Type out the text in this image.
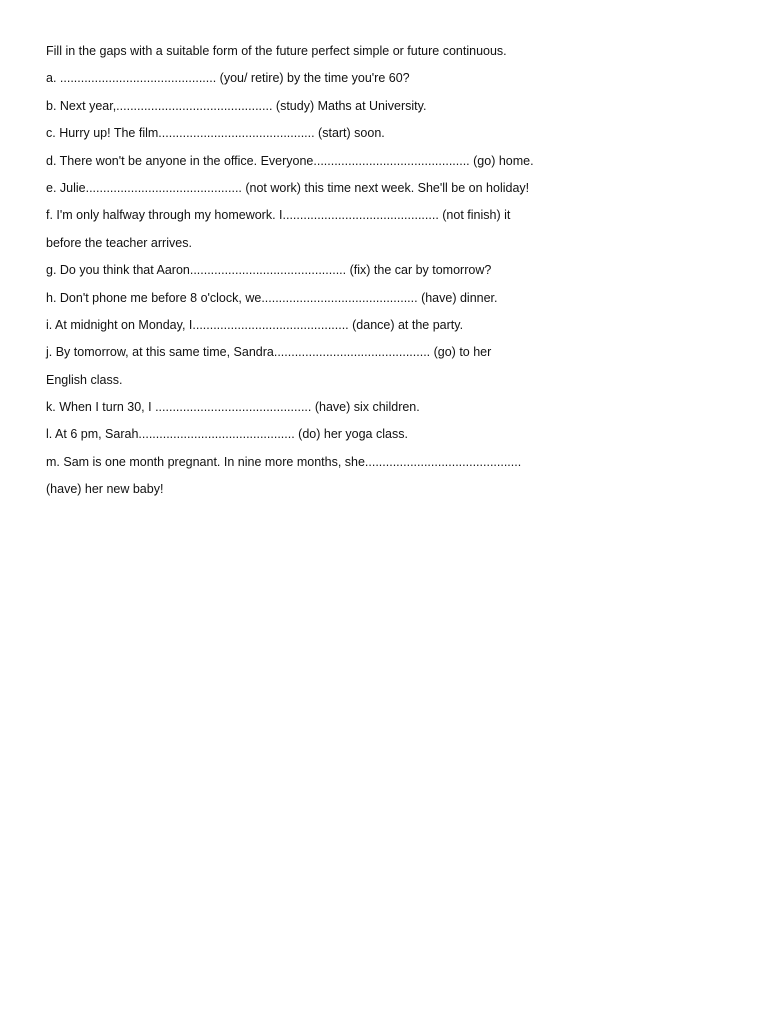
Fill in the gaps with a suitable form of the future perfect simple or future continuous.
a. ............................................. (you/ retire) by the time you're 60?
b. Next year,............................................. (study) Maths at University.
c. Hurry up! The film............................................. (start) soon.
d. There won't be anyone in the office. Everyone............................................. (go) home.
e. Julie............................................. (not work) this time next week. She'll be on holiday!
f. I'm only halfway through my homework. I............................................. (not finish) it
before the teacher arrives.
g. Do you think that Aaron............................................. (fix) the car by tomorrow?
h. Don't phone me before 8 o'clock, we............................................. (have) dinner.
i. At midnight on Monday, I............................................. (dance) at the party.
j. By tomorrow, at this same time, Sandra............................................. (go) to her
English class.
k. When I turn 30, I ............................................. (have) six children.
l. At 6 pm, Sarah............................................. (do) her yoga class.
m. Sam is one month pregnant. In nine more months, she.............................................
(have) her new baby!
